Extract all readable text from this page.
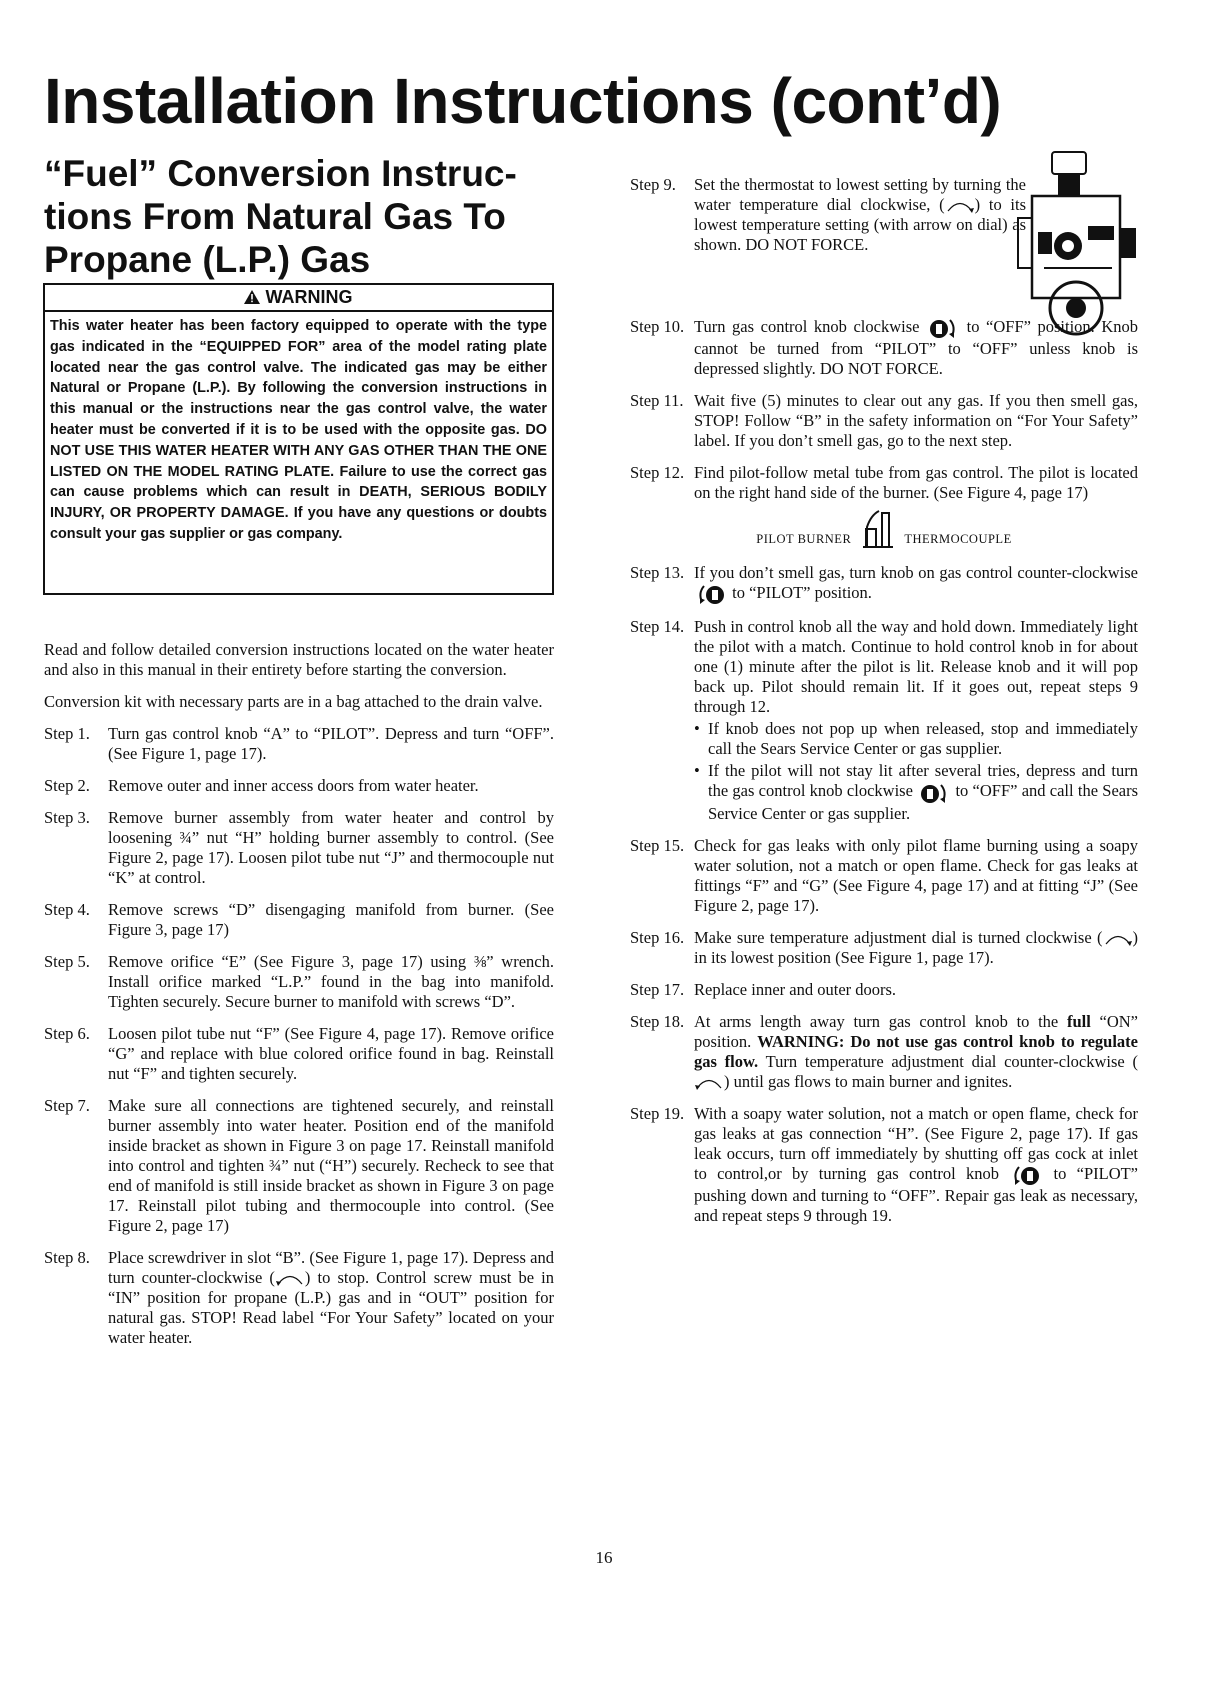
Installation Instructions (cont’d)
“Fuel” Conversion Instructions From Natural Gas To Propane (L.P.) Gas
WARNING
This water heater has been factory equipped to operate with the type gas indicated in the “EQUIPPED FOR” area of the model rating plate located near the gas control valve. The indicated gas may be either Natural or Propane (L.P.). By following the conversion instructions in this manual or the instructions near the gas control valve, the water heater must be converted if it is to be used with the opposite gas. DO NOT USE THIS WATER HEATER WITH ANY GAS OTHER THAN THE ONE LISTED ON THE MODEL RATING PLATE. Failure to use the correct gas can cause problems which can result in DEATH, SERIOUS BODILY INJURY, OR PROPERTY DAMAGE. If you have any questions or doubts consult your gas supplier or gas company.

Read and follow detailed conversion instructions located on the water heater and also in this manual in their entirety before starting the conversion.

Conversion kit with necessary parts are in a bag attached to the drain valve.

Step 1. Turn gas control knob “A” to “PILOT”. Depress and turn “OFF”. (See Figure 1, page 17).
Step 2. Remove outer and inner access doors from water heater.
Step 3. Remove burner assembly from water heater and control by loosening ¾” nut “H” holding burner assembly to control. (See Figure 2, page 17). Loosen pilot tube nut “J” and thermocouple nut “K” at control.
Step 4. Remove screws “D” disengaging manifold from burner. (See Figure 3, page 17)
Step 5. Remove orifice “E” (See Figure 3, page 17) using ⅜” wrench. Install orifice marked “L.P.” found in the bag into manifold. Tighten securely. Secure burner to manifold with screws “D”.
Step 6. Loosen pilot tube nut “F” (See Figure 4, page 17). Remove orifice “G” and replace with blue colored orifice found in bag. Reinstall nut “F” and tighten securely.
Step 7. Make sure all connections are tightened securely, and reinstall burner assembly into water heater. Position end of the manifold inside bracket as shown in Figure 3 on page 17. Reinstall manifold into control and tighten ¾” nut (“H”) securely. Recheck to see that end of manifold is still inside bracket as shown in Figure 3 on page 17. Reinstall pilot tubing and thermocouple into control. (See Figure 2, page 17)
Step 8. Place screwdriver in slot “B”. (See Figure 1, page 17). Depress and turn counter-clockwise ( ) to stop. Control screw must be in “IN” position for propane (L.P.) gas and in “OUT” position for natural gas. STOP! Read label “For Your Safety” located on your water heater.
Step 9. Set the thermostat to lowest setting by turning the water temperature dial clockwise, ( ) to its lowest temperature setting (with arrow on dial) as shown. DO NOT FORCE.
Step 10. Turn gas control knob clockwise	to “OFF” position. Knob cannot be turned from “PILOT” to “OFF” unless knob is depressed slightly. DO NOT FORCE.
Step 11. Wait five (5) minutes to clear out any gas. If you then smell gas, STOP! Follow “B” in the safety information on “For Your Safety” label. If you don’t smell gas, go to the next step.
Step 12. Find pilot-follow metal tube from gas control. The pilot is located on the right hand side of the burner. (See Figure 4, page 17)
PILOT BURNER	THERMOCOUPLE
Step 13. If you don’t smell gas, turn knob on gas control counter-clockwise  to “PILOT” position.
Step 14. Push in control knob all the way and hold down. Immediately light the pilot with a match. Continue to hold control knob in for about one (1) minute after the pilot is lit. Release knob and it will pop back up. Pilot should remain lit. If it goes out, repeat steps 9 through 12.
• If knob does not pop up when released, stop and immediately call the Sears Service Center or gas supplier.
• If the pilot will not stay lit after several tries, depress and turn the gas control knob clockwise	to “OFF” and call the Sears Service Center or gas supplier.
Step 15. Check for gas leaks with only pilot flame burning using a soapy water solution, not a match or open flame. Check for gas leaks at fittings “F” and “G” (See Figure 4, page 17) and at fitting “J” (See Figure 2, page 17).
Step 16. Make sure temperature adjustment dial is turned clockwise ( ) in its lowest position (See Figure 1, page 17).
Step 17. Replace inner and outer doors.
Step 18. At arms length away turn gas control knob to the full “ON” position. WARNING: Do not use gas control knob to regulate gas flow. Turn temperature adjustment dial counter-clockwise () until gas flows to main burner and ignites.
Step 19. With a soapy water solution, not a match or open flame, check for gas leaks at gas connection “H”. (See Figure 2, page 17). If gas leak occurs, turn off immediately by shutting off gas cock at inlet to control,or by turning gas control knob	to “PILOT” pushing down and turning to “OFF”. Repair gas leak as necessary, and repeat steps 9 through 19.
16
